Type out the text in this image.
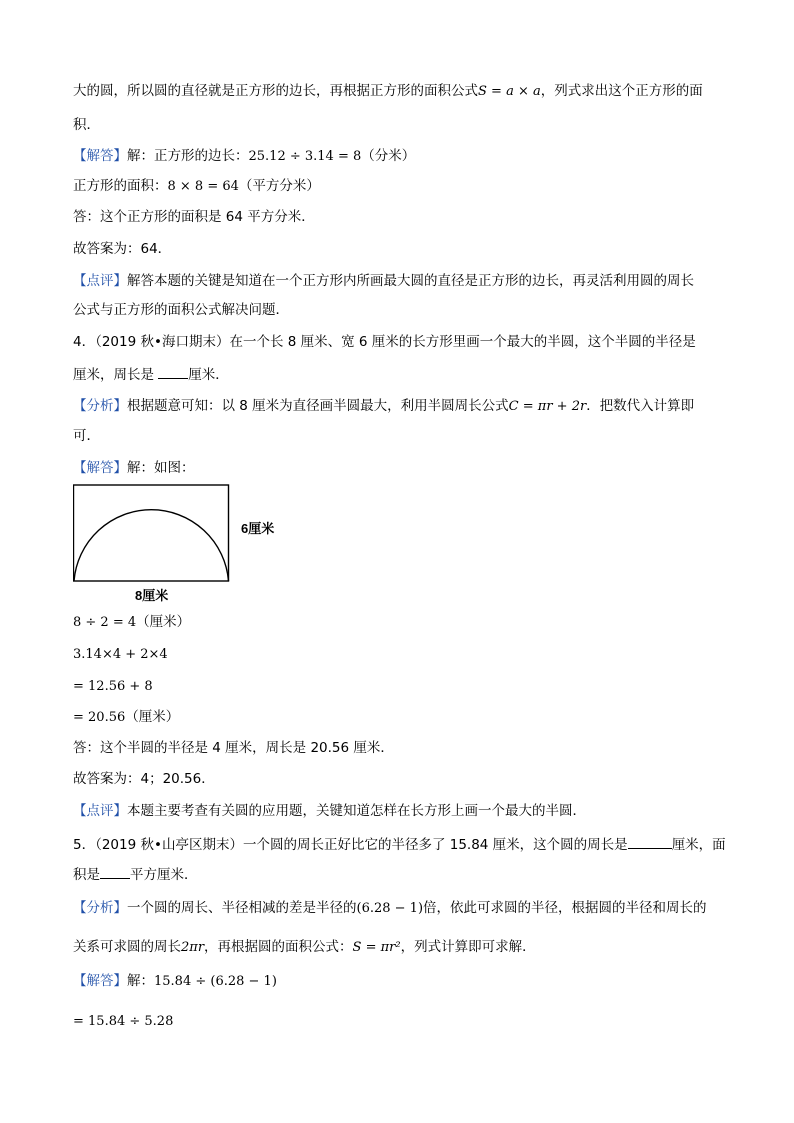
大的圆，所以圆的直径就是正方形的边长，再根据正方形的面积公式S = a × a，列式求出这个正方形的面
积．
【解答】解：正方形的边长：25.12 ÷ 3.14 = 8（分米）
正方形的面积：8 × 8 = 64（平方分米）
答：这个正方形的面积是 64 平方分米．
故答案为：64．
【点评】解答本题的关键是知道在一个正方形内所画最大圆的直径是正方形的边长，再灵活利用圆的周长
公式与正方形的面积公式解决问题．
4．（2019 秋•海口期末）在一个长 8 厘米、宽 6 厘米的长方形里画一个最大的半圆，这个半圆的半径是
厘米，周长是 厘米．
【分析】根据题意可知：以 8 厘米为直径画半圆最大，利用半圆周长公式C = πr + 2r．把数代入计算即
可．
【解答】解：如图：
6厘米
8厘米
8 ÷ 2 = 4（厘米）
3.14×4 + 2×4
= 12.56 + 8
= 20.56（厘米）
答：这个半圆的半径是 4 厘米，周长是 20.56 厘米．
故答案为：4；20.56．
【点评】本题主要考查有关圆的应用题，关键知道怎样在长方形上画一个最大的半圆．
5．（2019 秋•山亭区期末）一个圆的周长正好比它的半径多了 15.84 厘米，这个圆的周长是	厘米，面
积是 平方厘米．
【分析】一个圆的周长、半径相减的差是半径的(6.28 − 1)倍，依此可求圆的半径，根据圆的半径和周长的
关系可求圆的周长2πr，再根据圆的面积公式：S = πr²，列式计算即可求解．
【解答】解：15.84 ÷ (6.28 − 1)
= 15.84 ÷ 5.28
